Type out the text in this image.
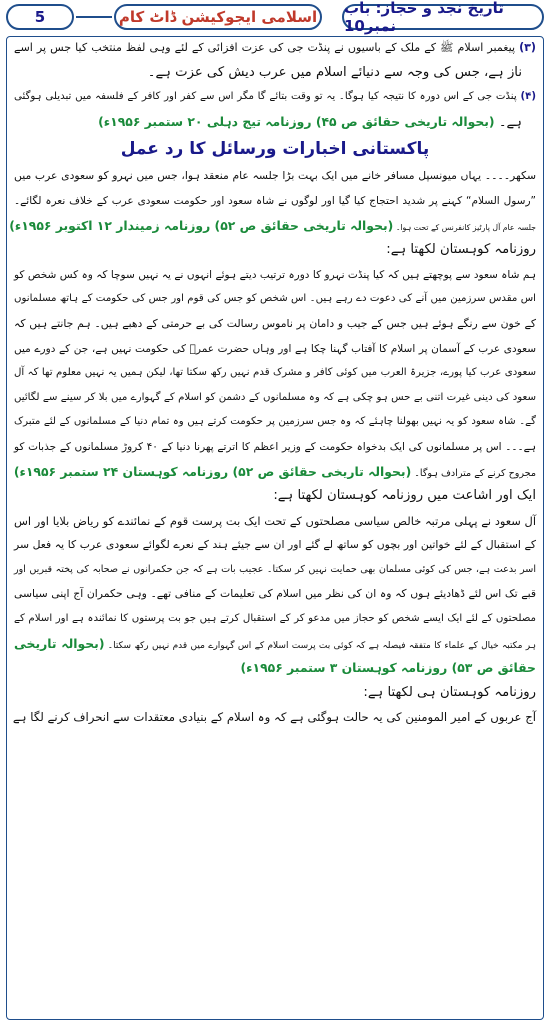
تاریخ نجد و حجاز: باب نمبر10
اسلامی ایجوکیشن ڈاٹ کام
5
(۳) پیغمبر اسلام ﷺ کے ملک کے باسیوں نے پنڈت جی کی عزت افزائی کے لئے وہی لفظ منتخب کیا جس پر اسے
ناز ہے، جس کی وجہ سے دنیائے اسلام میں عرب دیش کی عزت ہے۔
(۴) پنڈت جی کے اس دورہ کا نتیجہ کیا ہوگا۔ یہ تو وقت بتائے گا مگر اس سے کفر اور کافر کے فلسفہ میں تبدیلی ہوگئی
ہے۔ (بحوالہ تاریخی حقائق ص ۴۵) روزنامہ تیج دہلی ۲۰ ستمبر ۱۹۵۶ء)
پاکستانی اخبارات ورسائل کا رد عمل
سکھر۔۔۔۔ یہاں میونسپل مسافر خانے میں ایک بہت بڑا جلسہ عام منعقد ہوا، جس میں نہرو کو سعودی عرب میں
”رسول السلام“ کہنے پر شدید احتجاج کیا گیا اور لوگوں نے شاہ سعود اور حکومت سعودی عرب کے خلاف نعرہ لگائے۔
جلسہ عام آل پارٹیز کانفرنس کے تحت ہوا۔ (بحوالہ تاریخی حقائق ص ۵۲) روزنامہ زمیندار ۱۲ اکتوبر ۱۹۵۶ء)
روزنامہ کوہستان لکھتا ہے:
ہم شاہ سعود سے پوچھتے ہیں کہ کیا پنڈت نہرو کا دورہ ترتیب دیتے ہوئے انہوں نے یہ نہیں سوچا کہ وہ کس شخص کو
اس مقدس سرزمین میں آنے کی دعوت دے رہے ہیں۔ اس شخص کو جس کی قوم اور جس کی حکومت کے ہاتھ مسلمانوں
کے خون سے رنگے ہوئے ہیں جس کے جیب و دامان پر ناموس رسالت کی بے حرمتی کے دھبے ہیں۔ ہم جانتے ہیں کہ
سعودی عرب کے آسمان پر اسلام کا آفتاب گہنا چکا ہے اور وہاں حضرت عمرؓ کی حکومت نہیں ہے، جن کے دورے میں
سعودی عرب کیا پورے، جزیرۃ العرب میں کوئی کافر و مشرک قدم نہیں رکھ سکتا تھا، لیکن ہمیں یہ نہیں معلوم تھا کہ آل
سعود کی دینی غیرت اتنی بے حس ہو چکی ہے کہ وہ مسلمانوں کے دشمن کو اسلام کے گہوارے میں بلا کر سینے سے لگائیں
گے۔ شاہ سعود کو یہ نہیں بھولنا چاہئے کہ وہ جس سرزمین پر حکومت کرتے ہیں وہ تمام دنیا کے مسلمانوں کے لئے متبرک
ہے۔۔۔ اس پر مسلمانوں کی ایک بدخواہ حکومت کے وزیر اعظم کا اترتے پھرنا دنیا کے ۴۰ کروڑ مسلمانوں کے جذبات کو
مجروح کرنے کے مترادف ہوگا۔ (بحوالہ تاریخی حقائق ص ۵۲) روزنامہ کوہستان ۲۴ ستمبر ۱۹۵۶ء)
ایک اور اشاعت میں روزنامہ کوہستان لکھتا ہے:
آل سعود نے پہلی مرتبہ خالص سیاسی مصلحتوں کے تحت ایک بت پرست قوم کے نمائندے کو ریاض بلایا اور اس
کے استقبال کے لئے خواتین اور بچوں کو ساتھ لے گئے اور ان سے جیئے ہند کے نعرے لگوائے سعودی عرب کا یہ فعل سر
اسر بدعت ہے، جس کی کوئی مسلمان بھی حمایت نہیں کر سکتا۔ عجیب بات ہے کہ جن حکمرانوں نے صحابہ کی پختہ قبریں اور
قبے تک اس لئے ڈھادیئے ہوں کہ وہ ان کی نظر میں اسلام کی تعلیمات کے منافی تھے۔ وہی حکمران آج اپنی سیاسی
مصلحتوں کے لئے ایک ایسے شخص کو حجاز میں مدعو کر کے استقبال کرتے ہیں جو بت پرستوں کا نمائندہ ہے اور اسلام کے
ہر مکتبہ خیال کے علماء کا متفقہ فیصلہ ہے کہ کوئی بت پرست اسلام کے اس گہوارے میں قدم نہیں رکھ سکتا۔ (بحوالہ تاریخی
حقائق ص ۵۳) روزنامہ کوہستان ۳ ستمبر ۱۹۵۶ء)
روزنامہ کوہستان ہی لکھتا ہے:
آج عربوں کے امیر المومنین کی یہ حالت ہوگئی ہے کہ وہ اسلام کے بنیادی معتقدات سے انحراف کرنے لگا ہے
